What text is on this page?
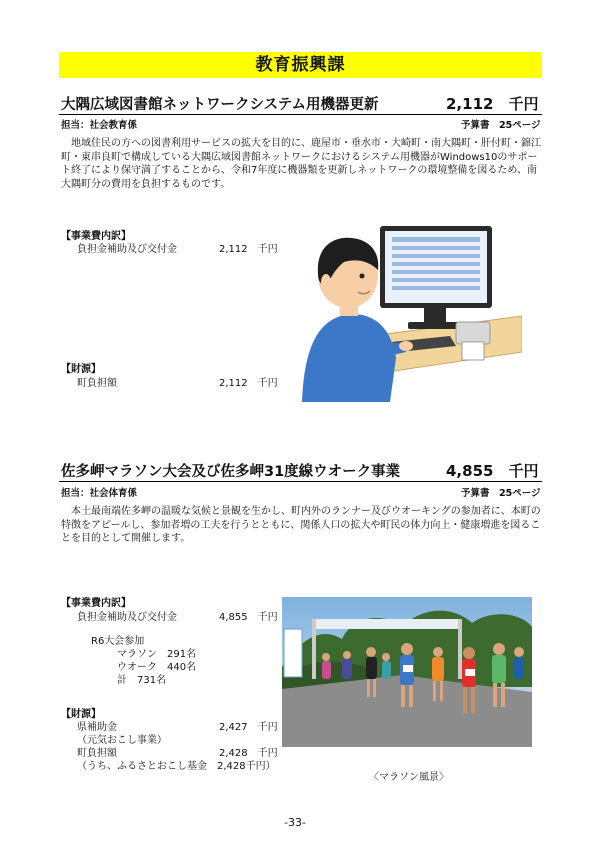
教育振興課
大隅広域図書館ネットワークシステム用機器更新	2,112　千円
担当：社会教育係	予算書　25ページ
地域住民の方への図書利用サービスの拡大を目的に、鹿屋市・垂水市・大崎町・南大隅町・肝付町・錦江町・東串良町で構成している大隅広域図書館ネットワークにおけるシステム用機器がWindows10のサポート終了により保守満了することから、令和7年度に機器類を更新しネットワークの環境整備を図るため、南大隅町分の費用を負担するものです。
【事業費内訳】
負担金補助及び交付金	2,112　千円
【財源】
町負担額	2,112　千円
佐多岬マラソン大会及び佐多岬31度線ウオーク事業	4,855　千円
担当：社会体育係	予算書　25ページ
本土最南端佐多岬の温暖な気候と景観を生かし、町内外のランナー及びウオーキングの参加者に、本町の特徴をアピールし、参加者増の工夫を行うとともに、関係人口の拡大や町民の体力向上・健康増進を図ることを目的として開催します。
【事業費内訳】
負担金補助及び交付金	4,855　千円
R6大会参加
マラソン　291名
ウオーク　440名
計　731名
【財源】
県補助金	2,427　千円
（元気おこし事業）
町負担額	2,428　千円
（うち、ふるさとおこし基金　2,428千円）
〈マラソン風景〉
-33-
